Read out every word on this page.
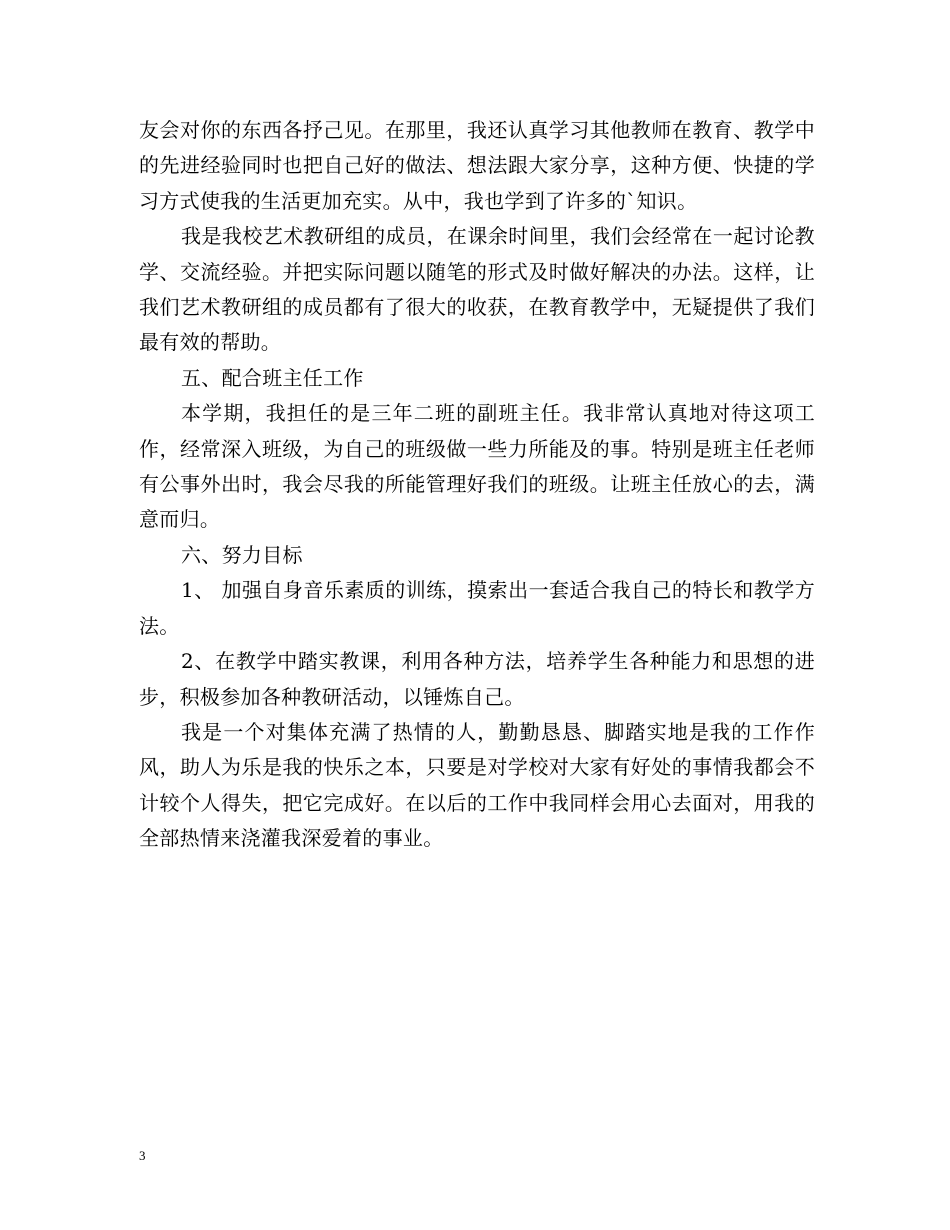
友会对你的东西各抒己见。在那里，我还认真学习其他教师在教育、教学中的先进经验同时也把自己好的做法、想法跟大家分享，这种方便、快捷的学习方式使我的生活更加充实。从中，我也学到了许多的`知识。

我是我校艺术教研组的成员，在课余时间里，我们会经常在一起讨论教学、交流经验。并把实际问题以随笔的形式及时做好解决的办法。这样，让我们艺术教研组的成员都有了很大的收获，在教育教学中，无疑提供了我们最有效的帮助。

五、配合班主任工作

本学期，我担任的是三年二班的副班主任。我非常认真地对待这项工作，经常深入班级，为自己的班级做一些力所能及的事。特别是班主任老师有公事外出时，我会尽我的所能管理好我们的班级。让班主任放心的去，满意而归。

六、努力目标

1、 加强自身音乐素质的训练，摸索出一套适合我自己的特长和教学方法。

2、在教学中踏实教课，利用各种方法，培养学生各种能力和思想的进步，积极参加各种教研活动，以锤炼自己。

我是一个对集体充满了热情的人，勤勤恳恳、脚踏实地是我的工作作风，助人为乐是我的快乐之本，只要是对学校对大家有好处的事情我都会不计较个人得失，把它完成好。在以后的工作中我同样会用心去面对，用我的全部热情来浇灌我深爱着的事业。

3
